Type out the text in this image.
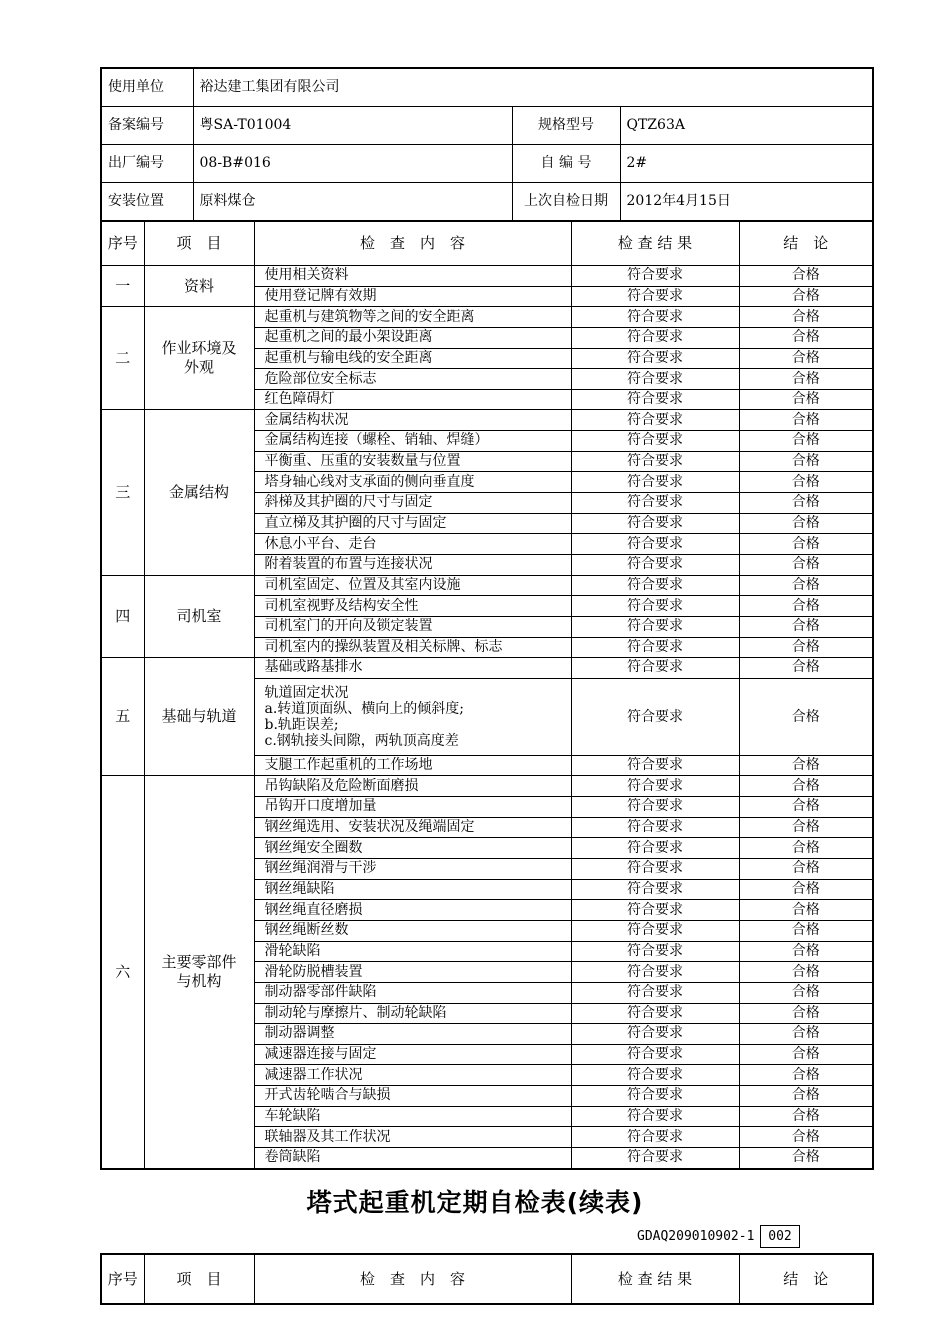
使用单位	裕达建工集团有限公司		
备案编号	粤SA-T01004	规格型号	QTZ63A
出厂编号	08-B#016	自 编 号	2#
安装位置	原料煤仓	上次自检日期	2012年4月15日
序号	项　目	检　查　内　容	检 查 结 果	结　论
一	资料	使用相关资料	符合要求	合格
		使用登记牌有效期	符合要求	合格
二	作业环境及外观	起重机与建筑物等之间的安全距离	符合要求	合格
		起重机之间的最小架设距离	符合要求	合格
		起重机与输电线的安全距离	符合要求	合格
		危险部位安全标志	符合要求	合格
		红色障碍灯	符合要求	合格
三	金属结构	金属结构状况	符合要求	合格
		金属结构连接（螺栓、销轴、焊缝）	符合要求	合格
		平衡重、压重的安装数量与位置	符合要求	合格
		塔身轴心线对支承面的侧向垂直度	符合要求	合格
		斜梯及其护圈的尺寸与固定	符合要求	合格
		直立梯及其护圈的尺寸与固定	符合要求	合格
		休息小平台、走台	符合要求	合格
		附着装置的布置与连接状况	符合要求	合格
四	司机室	司机室固定、位置及其室内设施	符合要求	合格
		司机室视野及结构安全性	符合要求	合格
		司机室门的开向及锁定装置	符合要求	合格
		司机室内的操纵装置及相关标牌、标志	符合要求	合格
五	基础与轨道	基础或路基排水	符合要求	合格

		轨道固定状况
a.转道顶面纵、横向上的倾斜度;
b.轨距误差;
c.钢轨接头间隙，两轨顶高度差	符合要求	合格
		支腿工作起重机的工作场地	符合要求	合格
六	主要零部件与机构	吊钩缺陷及危险断面磨损	符合要求	合格
		吊钩开口度增加量	符合要求	合格
		钢丝绳选用、安装状况及绳端固定	符合要求	合格
		钢丝绳安全圈数	符合要求	合格
		钢丝绳润滑与干涉	符合要求	合格
		钢丝绳缺陷	符合要求	合格
		钢丝绳直径磨损	符合要求	合格
		钢丝绳断丝数	符合要求	合格
		滑轮缺陷	符合要求	合格
		滑轮防脱槽装置	符合要求	合格
		制动器零部件缺陷	符合要求	合格
		制动轮与摩擦片、制动轮缺陷	符合要求	合格
		制动器调整	符合要求	合格
		减速器连接与固定	符合要求	合格
		减速器工作状况	符合要求	合格
		开式齿轮啮合与缺损	符合要求	合格
		车轮缺陷	符合要求	合格
		联轴器及其工作状况	符合要求	合格
		卷筒缺陷	符合要求	合格
塔式起重机定期自检表(续表)
GDAQ209010902-1	002
序号	项　目	检　查　内　容	检 查 结 果	结　论
